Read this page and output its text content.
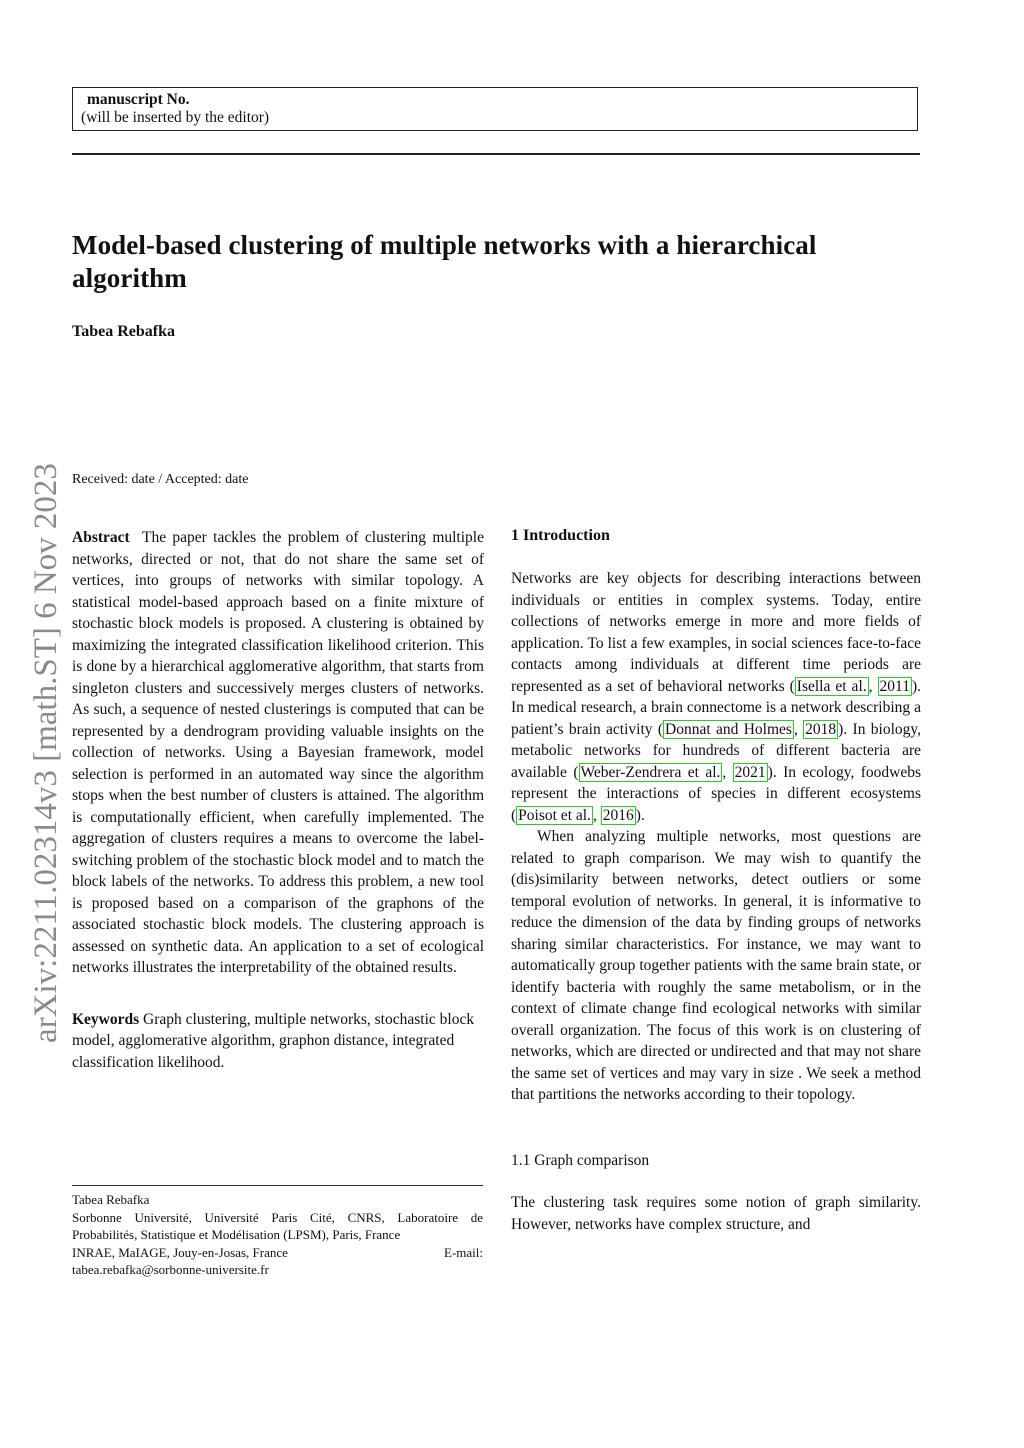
manuscript No.
(will be inserted by the editor)
Model-based clustering of multiple networks with a hierarchical algorithm

Tabea Rebafka

arXiv:2211.02314v3 [math.ST] 6 Nov 2023 Received: date / Accepted: date

Abstract The paper tackles the problem of clustering multiple networks, directed or not, that do not share the same set of vertices, into groups of networks with similar topology. A statistical model-based approach based on a finite mixture of stochastic block models is proposed. A clustering is obtained by maximizing the integrated classification likelihood criterion. This is done by a hierarchical agglomerative algorithm, that starts from singleton clusters and successively merges clusters of networks. As such, a sequence of nested clusterings is computed that can be represented by a dendrogram providing valuable insights on the collection of networks. Using a Bayesian framework, model selection is performed in an automated way since the algorithm stops when the best number of clusters is attained. The algorithm is computationally efficient, when carefully implemented. The aggregation of clusters requires a means to overcome the label-switching problem of the stochastic block model and to match the block labels of the networks. To address this problem, a new tool is proposed based on a comparison of the graphons of the associated stochastic block models. The clustering approach is assessed on synthetic data. An application to a set of ecological networks illustrates the interpretability of the obtained results.

Keywords Graph clustering, multiple networks, stochastic block model, agglomerative algorithm, graphon distance, integrated classification likelihood.

Tabea Rebafka

Sorbonne Université, Université Paris Cité, CNRS, Laboratoire de Probabilités, Statistique et Modélisation (LPSM), Paris, France

INRAE, MaIAGE, Jouy-en-Josas, France	E-mail:

tabea.rebafka@sorbonne-universite.fr

1 Introduction

Networks are key objects for describing interactions between individuals or entities in complex systems. Today, entire collections of networks emerge in more and more fields of application. To list a few examples, in social sciences face-to-face contacts among individuals at different time periods are represented as a set of behavioral networks ( Isella et al. , 2011 ). In medical research, a brain connectome is a network describing a patient’s brain activity ( Donnat and Holmes , 2018 ). In biology, metabolic networks for hundreds of different bacteria are available ( Weber-Zendrera et al. , 2021 ). In ecology, foodwebs represent the interactions of species in different ecosystems ( Poisot et al. , 2016 ).

When analyzing multiple networks, most questions are related to graph comparison. We may wish to quantify the (dis)similarity between networks, detect outliers or some temporal evolution of networks. In general, it is informative to reduce the dimension of the data by finding groups of networks sharing similar characteristics. For instance, we may want to automatically group together patients with the same brain state, or identify bacteria with roughly the same metabolism, or in the context of climate change find ecological networks with similar overall organization. The focus of this work is on clustering of networks, which are directed or undirected and that may not share the same set of vertices and may vary in size . We seek a method that partitions the networks according to their topology.

1.1 Graph comparison

The clustering task requires some notion of graph similarity. However, networks have complex structure, and
